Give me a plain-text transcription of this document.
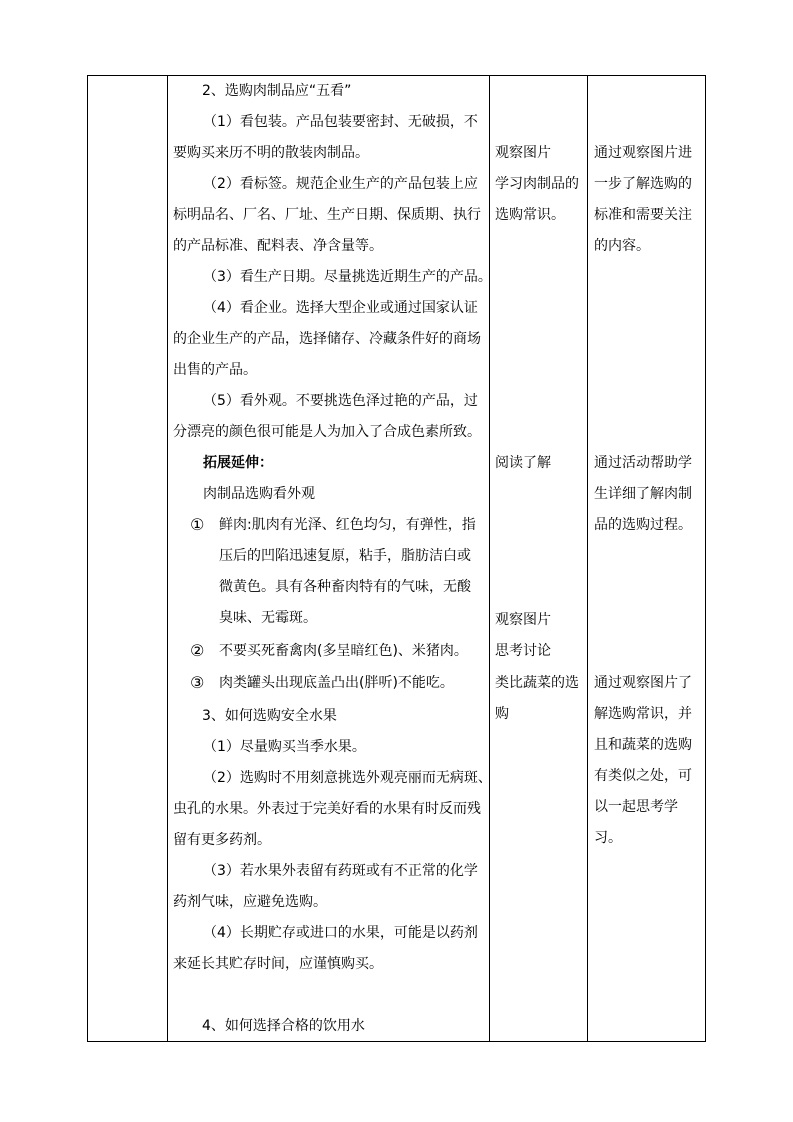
2、选购肉制品应“五看”
（1）看包装。产品包装要密封、无破损，不
要购买来历不明的散装肉制品。
（2）看标签。规范企业生产的产品包装上应
标明品名、厂名、厂址、生产日期、保质期、执行
的产品标准、配料表、净含量等。
（3）看生产日期。尽量挑选近期生产的产品。
（4）看企业。选择大型企业或通过国家认证
的企业生产的产品，选择储存、冷藏条件好的商场
出售的产品。
（5）看外观。不要挑选色泽过艳的产品，过
分漂亮的颜色很可能是人为加入了合成色素所致。
拓展延伸：
肉制品选购看外观
① 鲜肉:肌肉有光泽、红色均匀，有弹性，指
压后的凹陷迅速复原，粘手，脂肪洁白或
微黄色。具有各种畜肉特有的气味，无酸
臭味、无霉斑。
② 不要买死畜禽肉(多呈暗红色)、米猪肉。
③ 肉类罐头出现底盖凸出(胖听)不能吃。
3、如何选购安全水果
（1）尽量购买当季水果。
（2）选购时不用刻意挑选外观亮丽而无病斑、
虫孔的水果。外表过于完美好看的水果有时反而残
留有更多药剂。
（3）若水果外表留有药斑或有不正常的化学
药剂气味，应避免选购。
（4）长期贮存或进口的水果，可能是以药剂
来延长其贮存时间，应谨慎购买。
4、如何选择合格的饮用水
观察图片
学习肉制品的
选购常识。
阅读了解
观察图片
思考讨论
类比蔬菜的选
购
通过观察图片进
一步了解选购的
标准和需要关注
的内容。
通过活动帮助学
生详细了解肉制
品的选购过程。
通过观察图片了
解选购常识，并
且和蔬菜的选购
有类似之处，可
以一起思考学
习。
